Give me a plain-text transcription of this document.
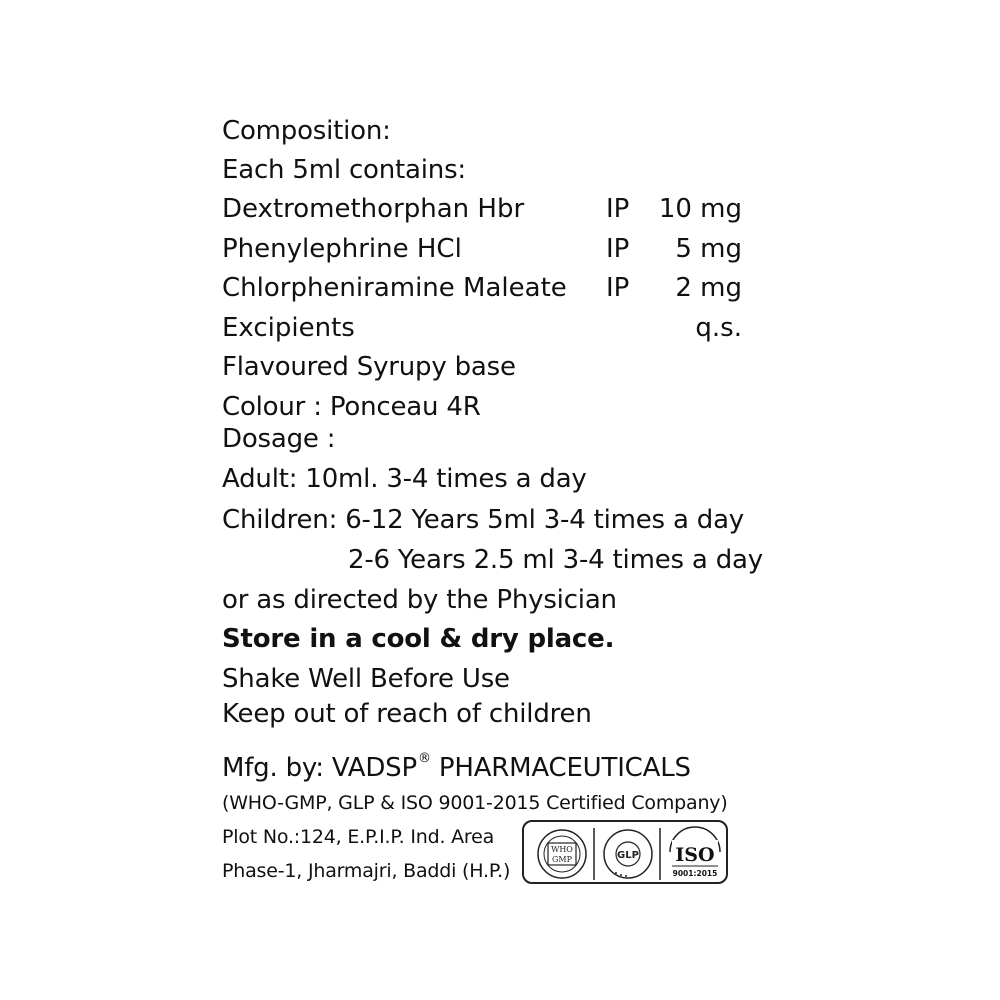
Composition:
Each 5ml contains:
Dextromethorphan Hbr	IP 10 mg
Phenylephrine HCl	IP 5 mg
Chlorpheniramine Maleate IP 2 mg
Excipients	q.s.
Flavoured Syrupy base
Colour : Ponceau 4R
Dosage :
Adult: 10ml. 3-4 times a day
Children: 6-12 Years 5ml 3-4 times a day
2-6 Years 2.5 ml 3-4 times a day
or as directed by the Physician
Store in a cool & dry place.
Shake Well Before Use
Keep out of reach of children
Mfg. by: VADSP® PHARMACEUTICALS
(WHO-GMP, GLP & ISO 9001-2015 Certified Company)
Plot No.:124, E.P.I.P. Ind. Area
Phase-1, Jharmajri, Baddi (H.P.)
WHO
GMP	GLP ISO
9001:2015
